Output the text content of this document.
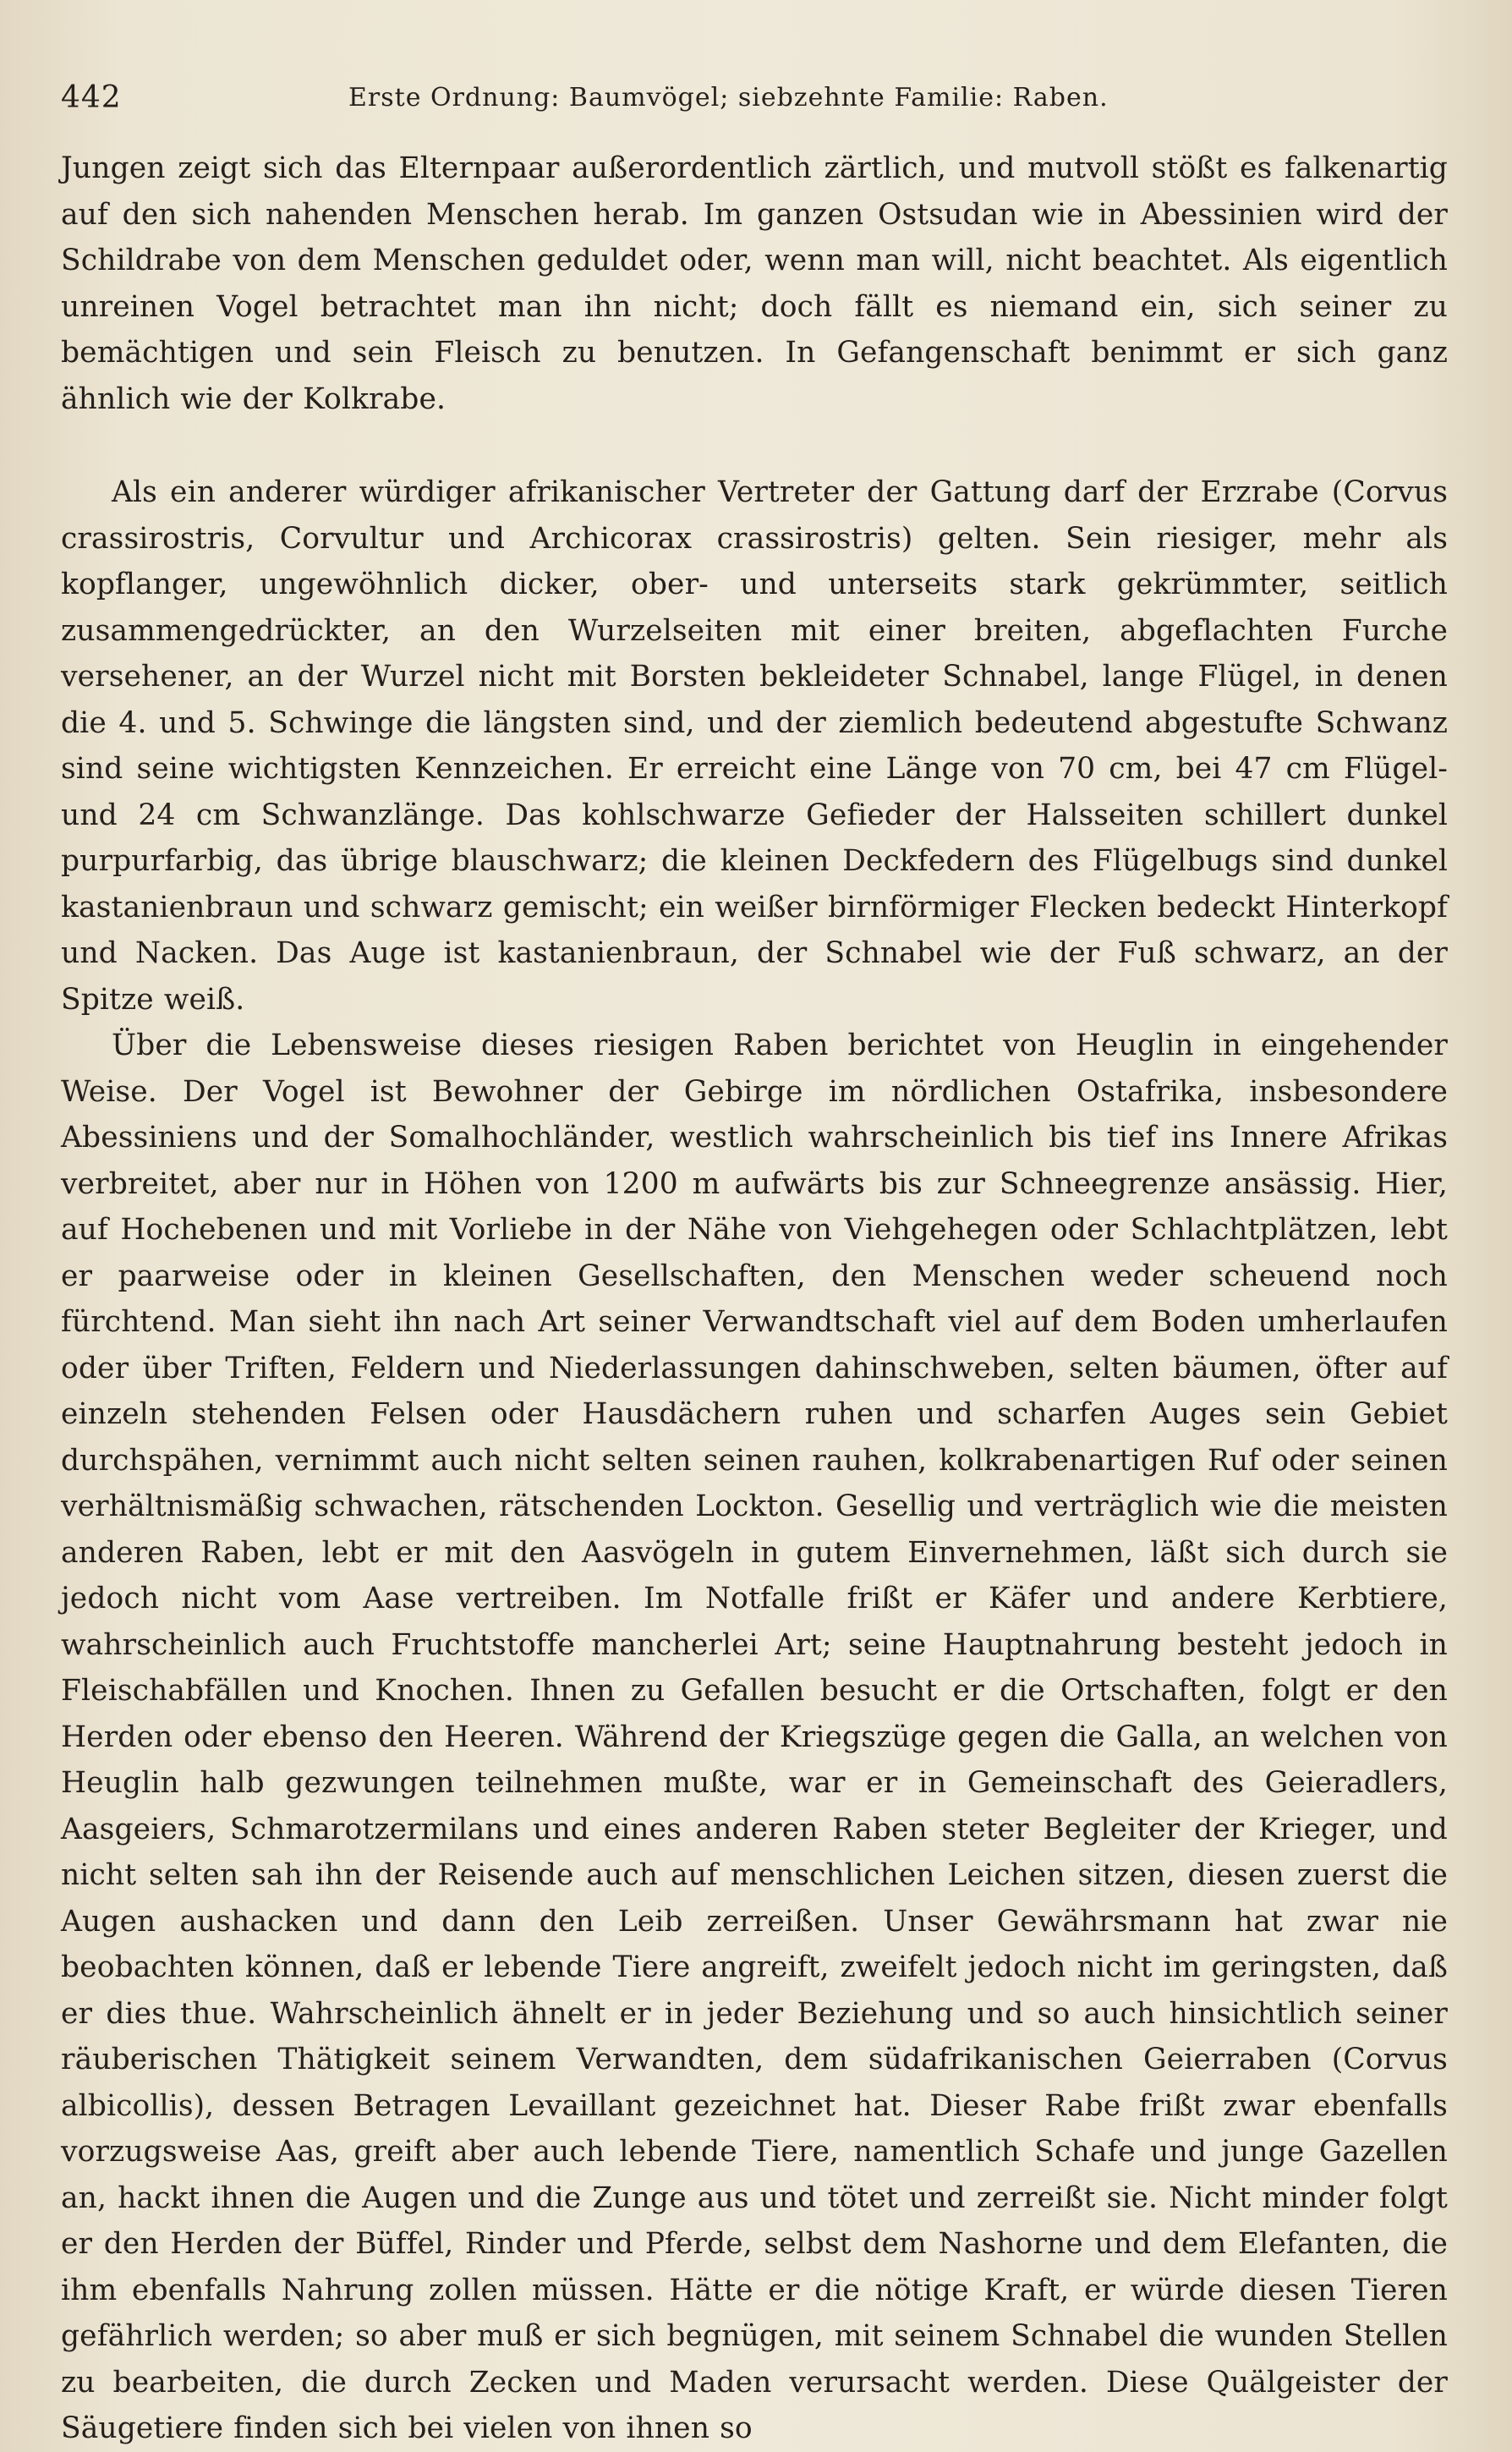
442	Erste Ordnung: Baumvögel; siebzehnte Familie: Raben.

Jungen zeigt sich das Elternpaar außerordentlich zärtlich, und mutvoll stößt es falkenartig auf den sich nahenden Menschen herab. Im ganzen Ostsudan wie in Abessinien wird der Schildrabe von dem Menschen geduldet oder, wenn man will, nicht beachtet. Als eigentlich unreinen Vogel betrachtet man ihn nicht; doch fällt es niemand ein, sich seiner zu bemächtigen und sein Fleisch zu benutzen. In Gefangenschaft benimmt er sich ganz ähnlich wie der Kolkrabe.

Als ein anderer würdiger afrikanischer Vertreter der Gattung darf der Erzrabe (Corvus crassirostris, Corvultur und Archicorax crassirostris) gelten. Sein riesiger, mehr als kopflanger, ungewöhnlich dicker, ober- und unterseits stark gekrümmter, seitlich zusammengedrückter, an den Wurzelseiten mit einer breiten, abgeflachten Furche versehener, an der Wurzel nicht mit Borsten bekleideter Schnabel, lange Flügel, in denen die 4. und 5. Schwinge die längsten sind, und der ziemlich bedeutend abgestufte Schwanz sind seine wichtigsten Kennzeichen. Er erreicht eine Länge von 70 cm, bei 47 cm Flügel- und 24 cm Schwanzlänge. Das kohlschwarze Gefieder der Halsseiten schillert dunkel purpurfarbig, das übrige blauschwarz; die kleinen Deckfedern des Flügelbugs sind dunkel kastanienbraun und schwarz gemischt; ein weißer birnförmiger Flecken bedeckt Hinterkopf und Nacken. Das Auge ist kastanienbraun, der Schnabel wie der Fuß schwarz, an der Spitze weiß.

Über die Lebensweise dieses riesigen Raben berichtet von Heuglin in eingehender Weise. Der Vogel ist Bewohner der Gebirge im nördlichen Ostafrika, insbesondere Abessiniens und der Somalhochländer, westlich wahrscheinlich bis tief ins Innere Afrikas verbreitet, aber nur in Höhen von 1200 m aufwärts bis zur Schneegrenze ansässig. Hier, auf Hochebenen und mit Vorliebe in der Nähe von Viehgehegen oder Schlachtplätzen, lebt er paarweise oder in kleinen Gesellschaften, den Menschen weder scheuend noch fürchtend. Man sieht ihn nach Art seiner Verwandtschaft viel auf dem Boden umherlaufen oder über Triften, Feldern und Niederlassungen dahinschweben, selten bäumen, öfter auf einzeln stehenden Felsen oder Hausdächern ruhen und scharfen Auges sein Gebiet durchspähen, vernimmt auch nicht selten seinen rauhen, kolkrabenartigen Ruf oder seinen verhältnismäßig schwachen, rätschenden Lockton. Gesellig und verträglich wie die meisten anderen Raben, lebt er mit den Aasvögeln in gutem Einvernehmen, läßt sich durch sie jedoch nicht vom Aase vertreiben. Im Notfalle frißt er Käfer und andere Kerbtiere, wahrscheinlich auch Fruchtstoffe mancherlei Art; seine Hauptnahrung besteht jedoch in Fleischabfällen und Knochen. Ihnen zu Gefallen besucht er die Ortschaften, folgt er den Herden oder ebenso den Heeren. Während der Kriegszüge gegen die Galla, an welchen von Heuglin halb gezwungen teilnehmen mußte, war er in Gemeinschaft des Geieradlers, Aasgeiers, Schmarotzermilans und eines anderen Raben steter Begleiter der Krieger, und nicht selten sah ihn der Reisende auch auf menschlichen Leichen sitzen, diesen zuerst die Augen aushacken und dann den Leib zerreißen. Unser Gewährsmann hat zwar nie beobachten können, daß er lebende Tiere angreift, zweifelt jedoch nicht im geringsten, daß er dies thue. Wahrscheinlich ähnelt er in jeder Beziehung und so auch hinsichtlich seiner räuberischen Thätigkeit seinem Verwandten, dem südafrikanischen Geierraben (Corvus albicollis), dessen Betragen Levaillant gezeichnet hat. Dieser Rabe frißt zwar ebenfalls vorzugsweise Aas, greift aber auch lebende Tiere, namentlich Schafe und junge Gazellen an, hackt ihnen die Augen und die Zunge aus und tötet und zerreißt sie. Nicht minder folgt er den Herden der Büffel, Rinder und Pferde, selbst dem Nashorne und dem Elefanten, die ihm ebenfalls Nahrung zollen müssen. Hätte er die nötige Kraft, er würde diesen Tieren gefährlich werden; so aber muß er sich begnügen, mit seinem Schnabel die wunden Stellen zu bearbeiten, die durch Zecken und Maden verursacht werden. Diese Quälgeister der Säugetiere finden sich bei vielen von ihnen so
